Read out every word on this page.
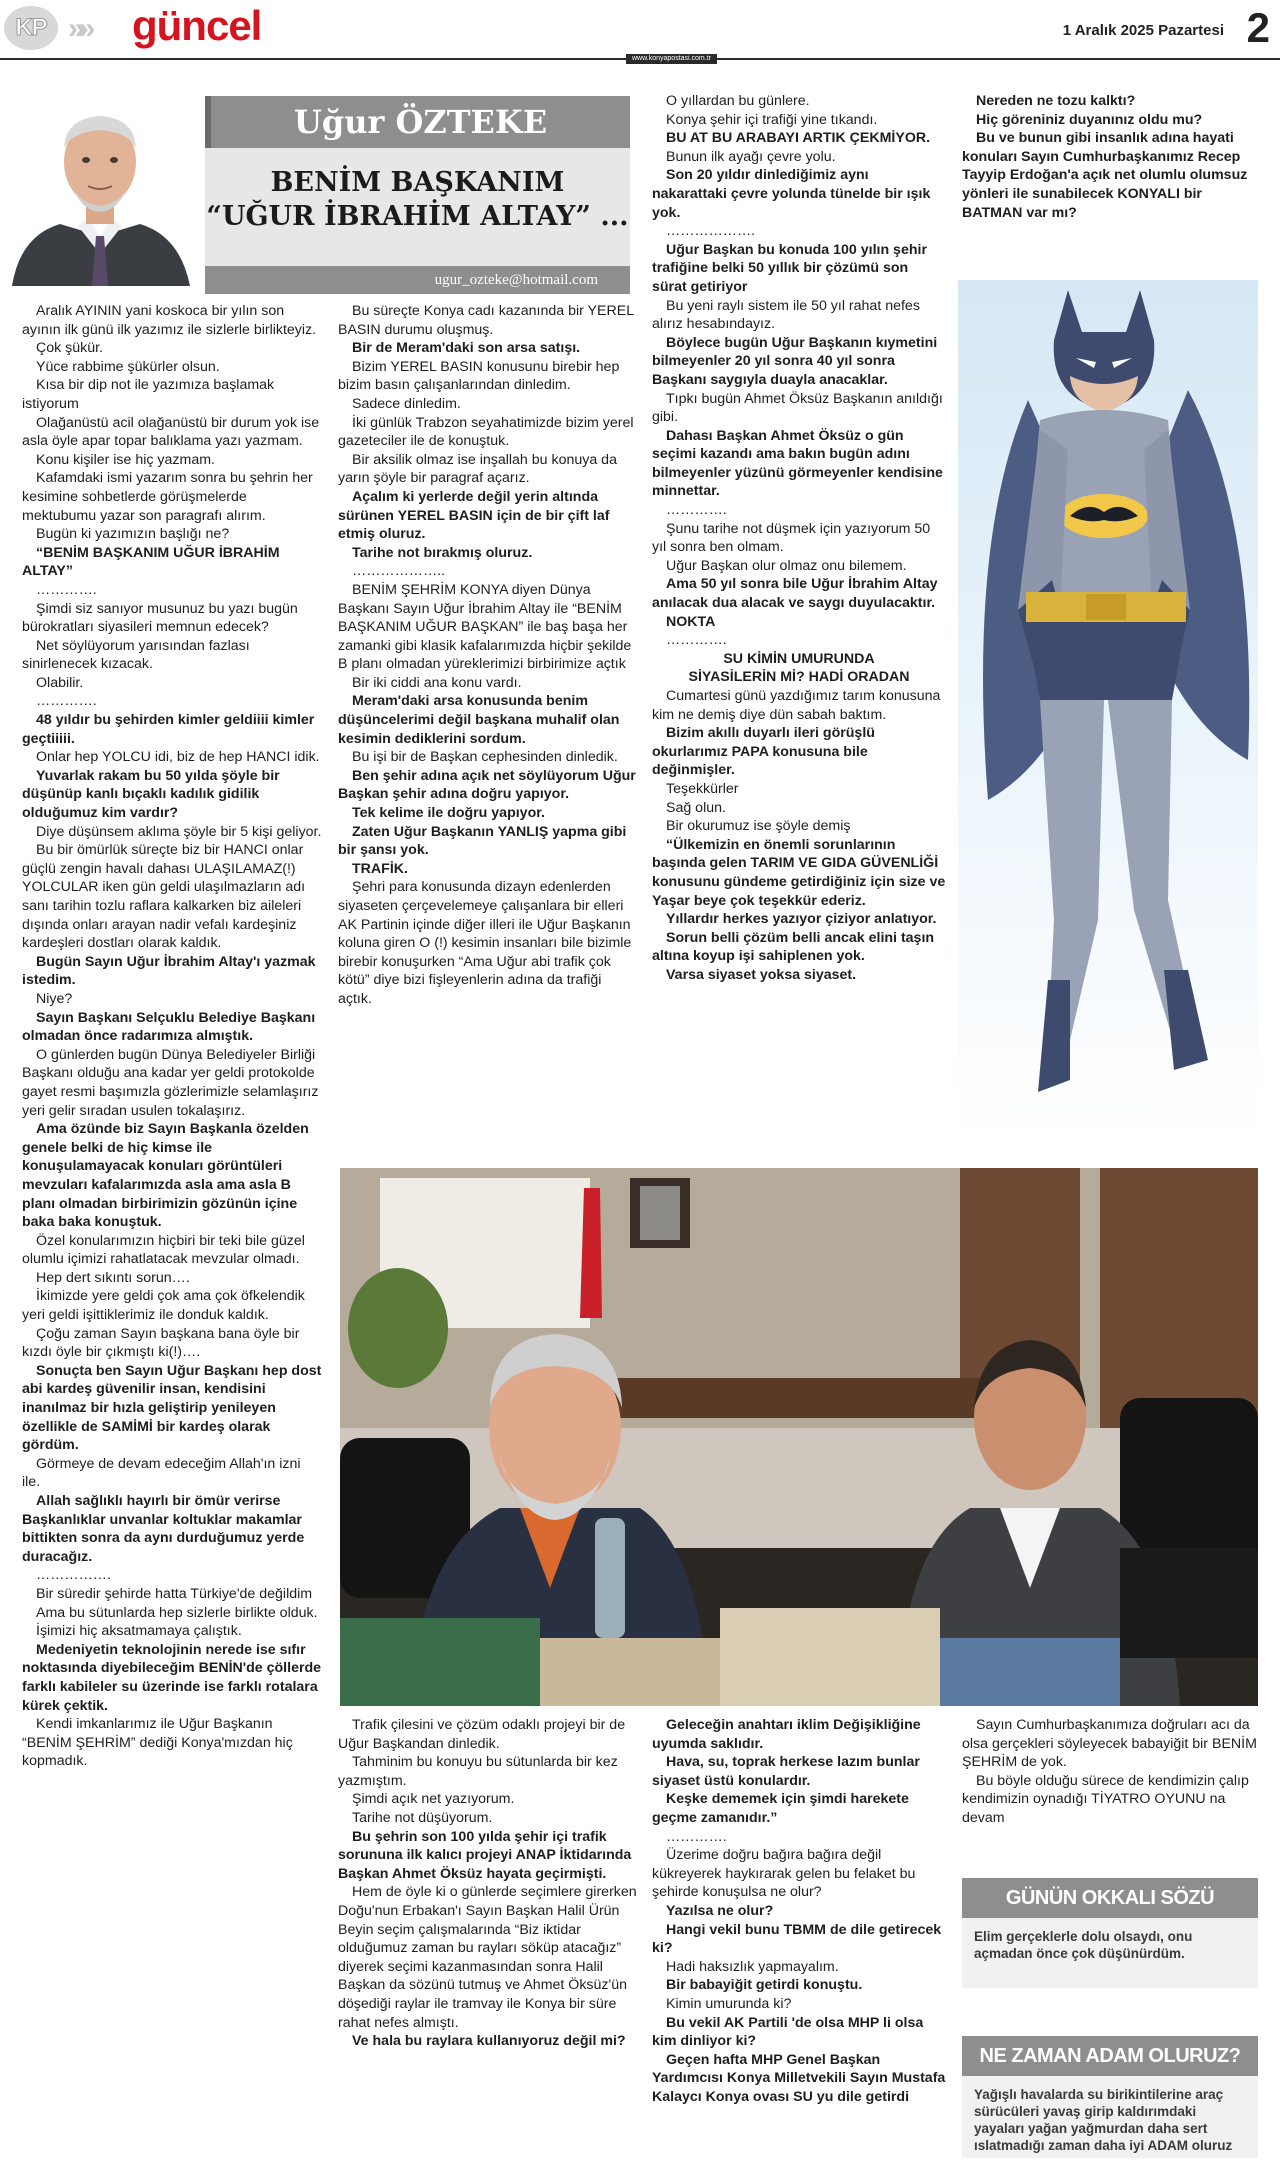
KP »» güncel	1 Aralık 2025 Pazartesi 2
www.konyapostasi.com.tr
Uğur ÖZTEKE
BENİM BAŞKANIM
“UĞUR İBRAHİM ALTAY” ...
ugur_ozteke@hotmail.com

Aralık AYININ yani koskoca bir yılın son ayının ilk günü ilk yazımız ile sizlerle birlikteyiz.

Çok şükür.

Yüce rabbime şükürler olsun.

Kısa bir dip not ile yazımıza başlamak istiyorum

Olağanüstü acil olağanüstü bir durum yok ise asla öyle apar topar balıklama yazı yazmam.

Konu kişiler ise hiç yazmam.

Kafamdaki ismi yazarım sonra bu şehrin her kesimine sohbetlerde görüşmelerde mektubumu yazar son paragrafı alırım.

Bugün ki yazımızın başlığı ne?

“BENİM BAŞKANIM UĞUR İBRAHİM ALTAY”

………….

Şimdi siz sanıyor musunuz bu yazı bugün bürokratları siyasileri memnun edecek?

Net söylüyorum yarısından fazlası sinirlenecek kızacak.

Olabilir.

………….

48 yıldır bu şehirden kimler geldiiii kimler geçtiiiii.

Onlar hep YOLCU idi, biz de hep HANCI idik.

Yuvarlak rakam bu 50 yılda şöyle bir düşünüp kanlı bıçaklı kadılık gidilik olduğumuz kim vardır?

Diye düşünsem aklıma şöyle bir 5 kişi geliyor.

Bu bir ömürlük süreçte biz bir HANCI onlar güçlü zengin havalı dahası ULAŞILAMAZ(!) YOLCULAR iken gün geldi ulaşılmazların adı sanı tarihin tozlu raflara kalkarken biz aileleri dışında onları arayan nadir vefalı kardeşiniz kardeşleri dostları olarak kaldık.

Bugün Sayın Uğur İbrahim Altay'ı yazmak istedim.

Niye?

Sayın Başkanı Selçuklu Belediye Başkanı olmadan önce radarımıza almıştık.

O günlerden bugün Dünya Belediyeler Birliği Başkanı olduğu ana kadar yer geldi protokolde gayet resmi başımızla gözlerimizle selamlaşırız yeri gelir sıradan usulen tokalaşırız.

Ama özünde biz Sayın Başkanla özelden genele belki de hiç kimse ile konuşulamayacak konuları görüntüleri mevzuları kafalarımızda asla ama asla B planı olmadan birbirimizin gözünün içine baka baka konuştuk.

Özel konularımızın hiçbiri bir teki bile güzel olumlu içimizi rahatlatacak mevzular olmadı.

Hep dert sıkıntı sorun….

İkimizde yere geldi çok ama çok öfkelendik yeri geldi işittiklerimiz ile donduk kaldık.

Çoğu zaman Sayın başkana bana öyle bir kızdı öyle bir çıkmıştı ki(!)….

Sonuçta ben Sayın Uğur Başkanı hep dost abi kardeş güvenilir insan, kendisini inanılmaz bir hızla geliştirip yenileyen özellikle de SAMİMİ bir kardeş olarak gördüm.

Görmeye de devam edeceğim Allah'ın izni ile.

Allah sağlıklı hayırlı bir ömür verirse Başkanlıklar unvanlar koltuklar makamlar bittikten sonra da aynı durduğumuz yerde duracağız.

…………….

Bir süredir şehirde hatta Türkiye'de değildim

Ama bu sütunlarda hep sizlerle birlikte olduk.

İşimizi hiç aksatmamaya çalıştık.

Medeniyetin teknolojinin nerede ise sıfır noktasında diyebileceğim BENİN'de çöllerde farklı kabileler su üzerinde ise farklı rotalara kürek çektik.

Kendi imkanlarımız ile Uğur Başkanın “BENİM ŞEHRİM” dediği Konya'mızdan hiç kopmadık.

Bu süreçte Konya cadı kazanında bir YEREL BASIN durumu oluşmuş.

Bir de Meram'daki son arsa satışı.

Bizim YEREL BASIN konusunu birebir hep bizim basın çalışanlarından dinledim.

Sadece dinledim.

İki günlük Trabzon seyahatimizde bizim yerel gazeteciler ile de konuştuk.

Bir aksilik olmaz ise inşallah bu konuya da yarın şöyle bir paragraf açarız.

Açalım ki yerlerde değil yerin altında sürünen YEREL BASIN için de bir çift laf etmiş oluruz.

Tarihe not bırakmış oluruz.

………………..

BENİM ŞEHRİM KONYA diyen Dünya Başkanı Sayın Uğur İbrahim Altay ile “BENİM BAŞKANIM UĞUR BAŞKAN” ile baş başa her zamanki gibi klasik kafalarımızda hiçbir şekilde B planı olmadan yüreklerimizi birbirimize açtık

Bir iki ciddi ana konu vardı.

Meram'daki arsa konusunda benim düşüncelerimi değil başkana muhalif olan kesimin dediklerini sordum.

Bu işi bir de Başkan cephesinden dinledik.

Ben şehir adına açık net söylüyorum Uğur Başkan şehir adına doğru yapıyor.

Tek kelime ile doğru yapıyor.

Zaten Uğur Başkanın YANLIŞ yapma gibi bir şansı yok.

TRAFİK.

Şehri para konusunda dizayn edenlerden siyaseten çerçevelemeye çalışanlara bir elleri AK Partinin içinde diğer illeri ile Uğur Başkanın koluna giren O (!) kesimin insanları bile bizimle birebir konuşurken “Ama Uğur abi trafik çok kötü” diye bizi fişleyenlerin adına da trafiği açtık.

O yıllardan bu günlere.

Konya şehir içi trafiği yine tıkandı.

BU AT BU ARABAYI ARTIK ÇEKMİYOR.

Bunun ilk ayağı çevre yolu.

Son 20 yıldır dinlediğimiz aynı nakarattaki çevre yolunda tünelde bir ışık yok.

……………….

Uğur Başkan bu konuda 100 yılın şehir trafiğine belki 50 yıllık bir çözümü son sürat getiriyor

Bu yeni raylı sistem ile 50 yıl rahat nefes alırız hesabındayız.

Böylece bugün Uğur Başkanın kıymetini bilmeyenler 20 yıl sonra 40 yıl sonra Başkanı saygıyla duayla anacaklar.

Tıpkı bugün Ahmet Öksüz Başkanın anıldığı gibi.

Dahası Başkan Ahmet Öksüz o gün seçimi kazandı ama bakın bugün adını bilmeyenler yüzünü görmeyenler kendisine minnettar.

………….

Şunu tarihe not düşmek için yazıyorum 50 yıl sonra ben olmam.

Uğur Başkan olur olmaz onu bilemem.

Ama 50 yıl sonra bile Uğur İbrahim Altay anılacak dua alacak ve saygı duyulacaktır.

NOKTA

………….

SU KİMİN UMURUNDA

SİYASİLERİN Mİ? HADİ ORADAN

Cumartesi günü yazdığımız tarım konusuna kim ne demiş diye dün sabah baktım.

Bizim akıllı duyarlı ileri görüşlü okurlarımız PAPA konusuna bile değinmişler.

Teşekkürler

Sağ olun.

Bir okurumuz ise şöyle demiş

“Ülkemizin en önemli sorunlarının başında gelen TARIM VE GIDA GÜVENLİĞİ konusunu gündeme getirdiğiniz için size ve Yaşar beye çok teşekkür ederiz.

Yıllardır herkes yazıyor çiziyor anlatıyor.

Sorun belli çözüm belli ancak elini taşın altına koyup işi sahiplenen yok.

Varsa siyaset yoksa siyaset.

Nereden ne tozu kalktı?

Hiç göreniniz duyanınız oldu mu?

Bu ve bunun gibi insanlık adına hayati konuları Sayın Cumhurbaşkanımız Recep Tayyip Erdoğan'a açık net olumlu olumsuz yönleri ile sunabilecek KONYALI bir BATMAN var mı?

Trafik çilesini ve çözüm odaklı projeyi bir de Uğur Başkandan dinledik.

Tahminim bu konuyu bu sütunlarda bir kez yazmıştım.

Şimdi açık net yazıyorum.

Tarihe not düşüyorum.

Bu şehrin son 100 yılda şehir içi trafik sorununa ilk kalıcı projeyi ANAP İktidarında Başkan Ahmet Öksüz hayata geçirmişti.

Hem de öyle ki o günlerde seçimlere girerken Doğu'nun Erbakan'ı Sayın Başkan Halil Ürün Beyin seçim çalışmalarında “Biz iktidar olduğumuz zaman bu rayları söküp atacağız” diyerek seçimi kazanmasından sonra Halil Başkan da sözünü tutmuş ve Ahmet Öksüz'ün döşediği raylar ile tramvay ile Konya bir süre rahat nefes almıştı.

Ve hala bu raylara kullanıyoruz değil mi?

Geleceğin anahtarı iklim Değişikliğine uyumda saklıdır.

Hava, su, toprak herkese lazım bunlar siyaset üstü konulardır.

Keşke dememek için şimdi harekete geçme zamanıdır.”

………….

Üzerime doğru bağıra bağıra değil kükreyerek haykırarak gelen bu felaket bu şehirde konuşulsa ne olur?

Yazılsa ne olur?

Hangi vekil bunu TBMM de dile getirecek ki?

Hadi haksızlık yapmayalım.

Bir babayiğit getirdi konuştu.

Kimin umurunda ki?

Bu vekil AK Partili 'de olsa MHP li olsa kim dinliyor ki?

Geçen hafta MHP Genel Başkan Yardımcısı Konya Milletvekili Sayın Mustafa Kalaycı Konya ovası SU yu dile getirdi

Sayın Cumhurbaşkanımıza doğruları acı da olsa gerçekleri söyleyecek babayiğit bir BENİM ŞEHRİM de yok.

Bu böyle olduğu sürece de kendimizin çalıp kendimizin oynadığı TİYATRO OYUNU na devam

GÜNÜN OKKALI SÖZÜ
Elim gerçeklerle dolu olsaydı, onu açmadan önce çok düşünürdüm.
NE ZAMAN ADAM OLURUZ?
Yağışlı havalarda su birikintilerine araç sürücüleri yavaş girip kaldırımdaki yayaları yağan yağmurdan daha sert ıslatmadığı zaman daha iyi ADAM oluruz
